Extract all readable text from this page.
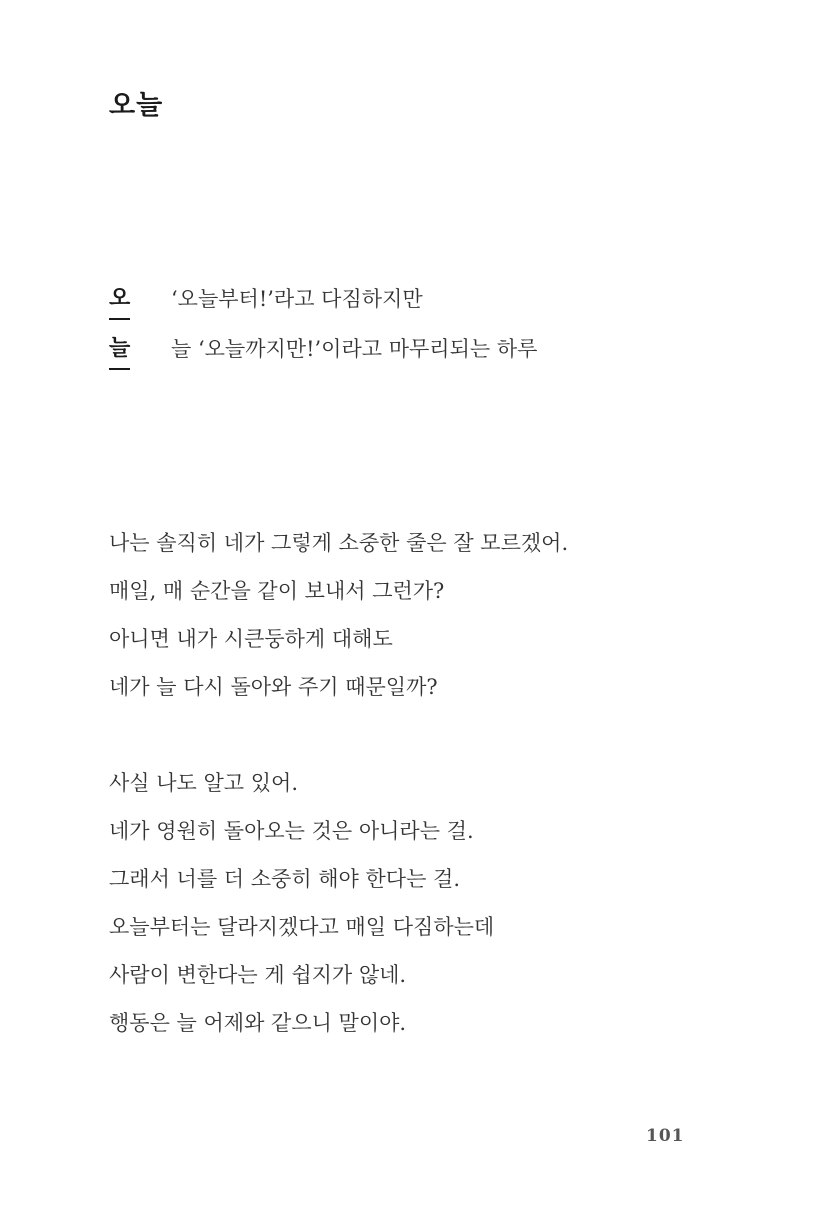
오늘
오 ‘오늘부터!’라고 다짐하지만
늘 늘 ‘오늘까지만!’이라고 마무리되는 하루
나는 솔직히 네가 그렇게 소중한 줄은 잘 모르겠어.
매일, 매 순간을 같이 보내서 그런가?
아니면 내가 시큰둥하게 대해도
네가 늘 다시 돌아와 주기 때문일까?
사실 나도 알고 있어.
네가 영원히 돌아오는 것은 아니라는 걸.
그래서 너를 더 소중히 해야 한다는 걸.
오늘부터는 달라지겠다고 매일 다짐하는데
사람이 변한다는 게 쉽지가 않네.
행동은 늘 어제와 같으니 말이야.
101
